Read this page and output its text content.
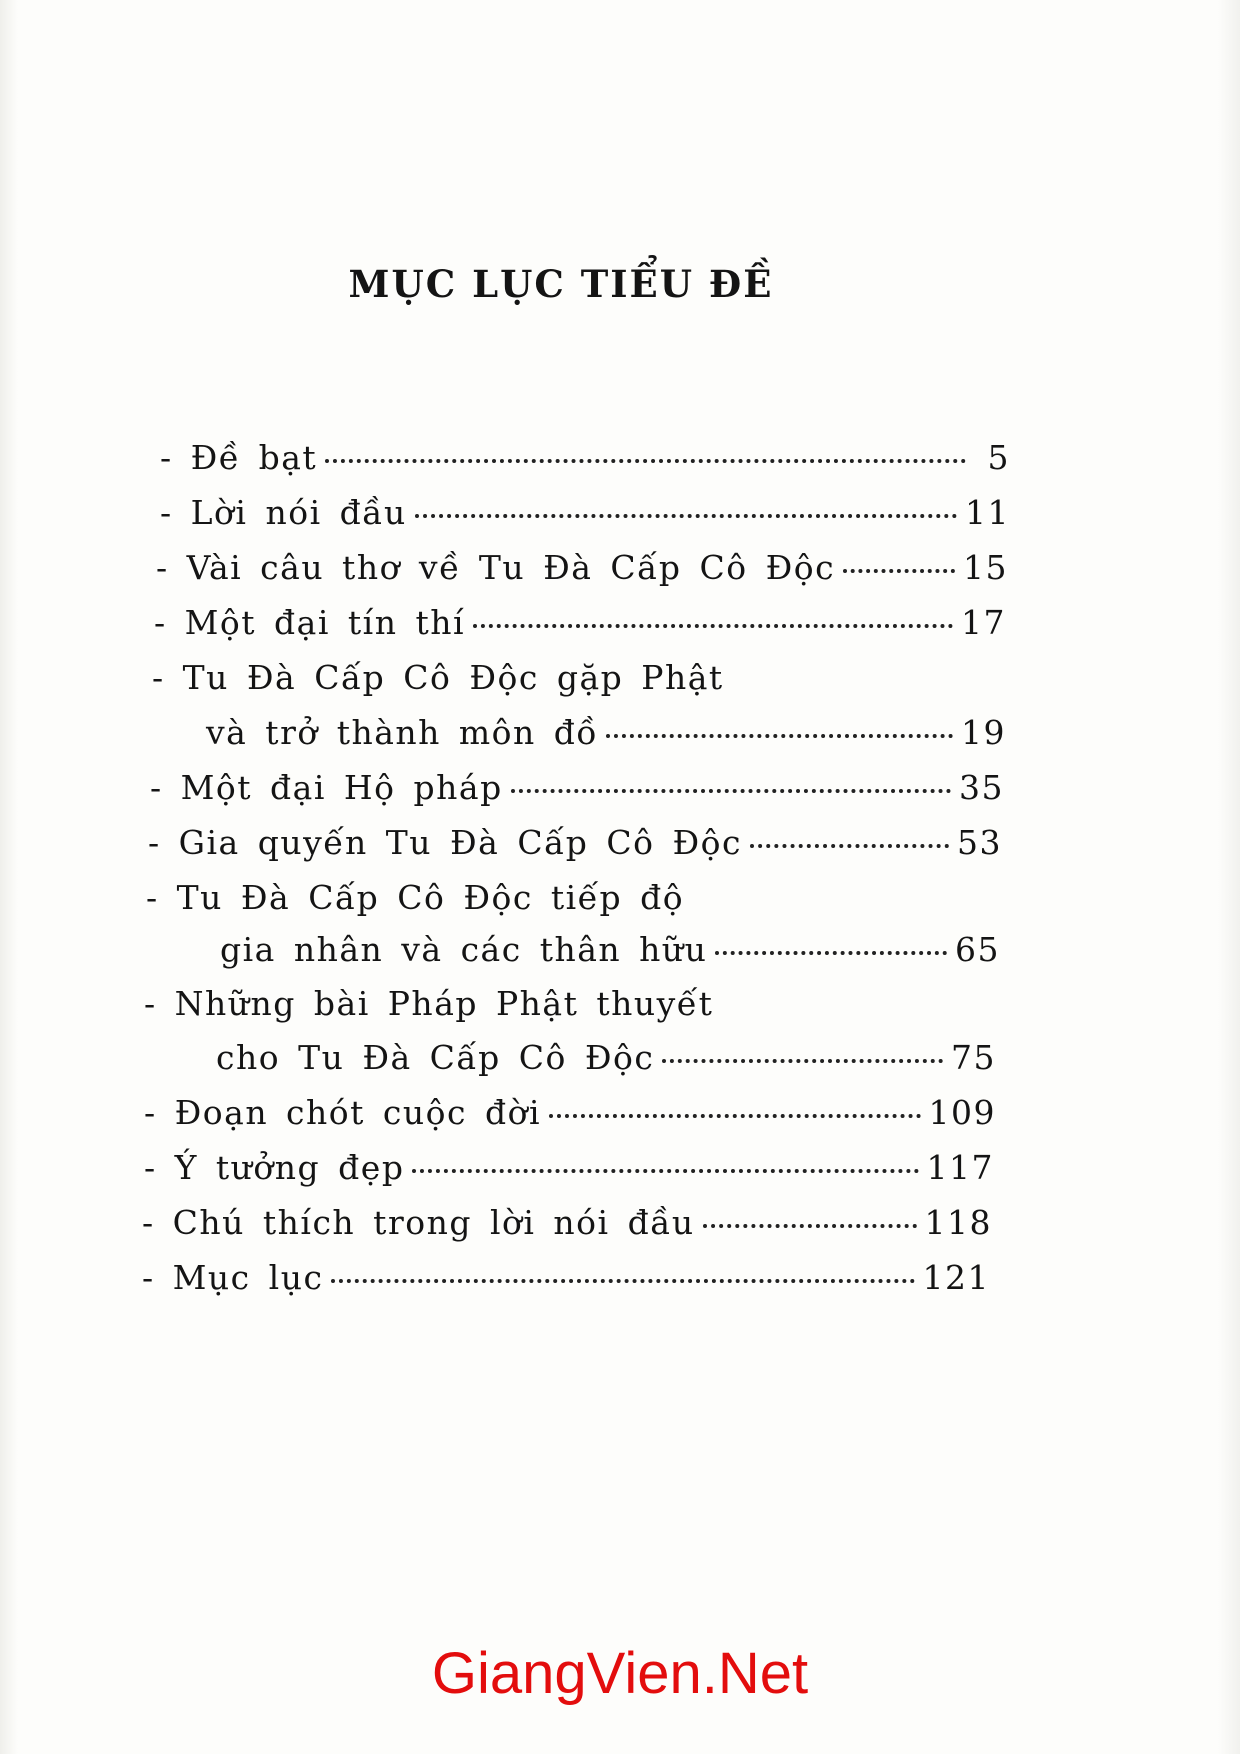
MỤC LỤC TIỂU ĐỀ
- Đề bạt	5
- Lời nói đầu	11
- Vài câu thơ về Tu Đà Cấp Cô Độc	15
- Một đại tín thí	17
- Tu Đà Cấp Cô Độc gặp Phật
và trở thành môn đồ	19
- Một đại Hộ pháp	35
- Gia quyến Tu Đà Cấp Cô Độc	53
- Tu Đà Cấp Cô Độc tiếp độ
gia nhân và các thân hữu	65
- Những bài Pháp Phật thuyết
cho Tu Đà Cấp Cô Độc	75
- Đoạn chót cuộc đời	109
- Ý tưởng đẹp	117
- Chú thích trong lời nói đầu	118
- Mục lục	121

GiangVien.Net
